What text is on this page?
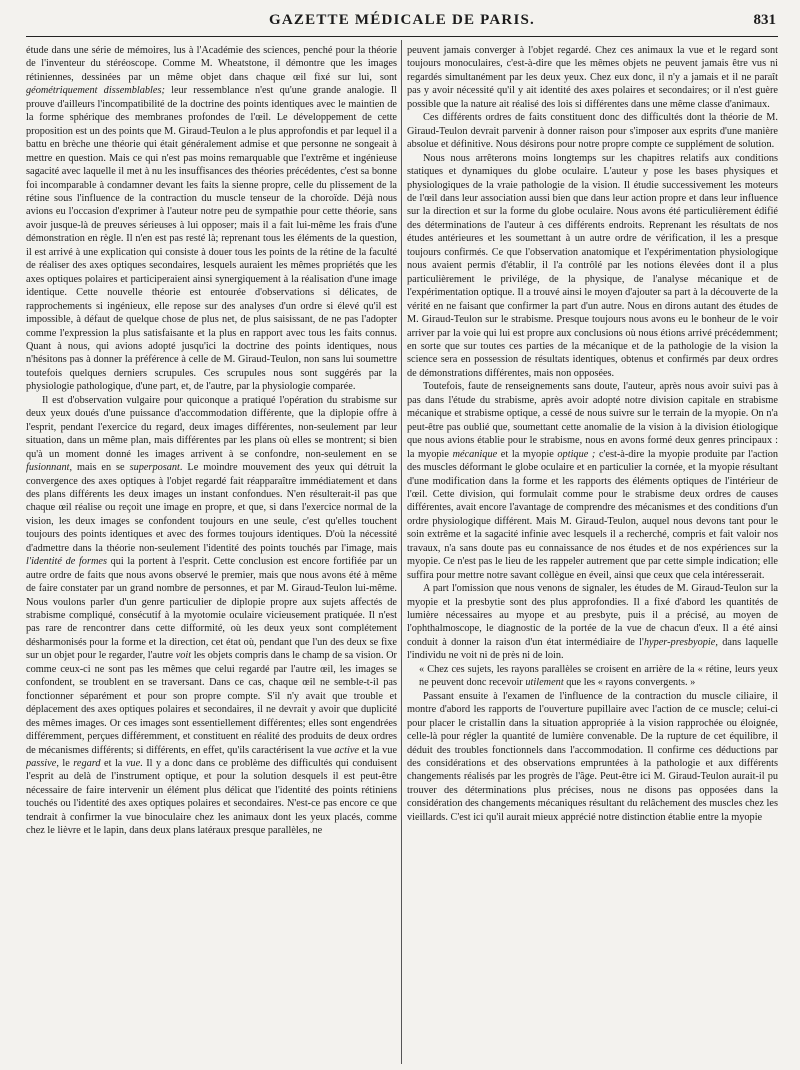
GAZETTE MÉDICALE DE PARIS.	831

étude dans une série de mémoires, lus à l'Académie des sciences, penché pour la théorie de l'inventeur du stéréoscope. Comme M. Wheatstone, il démontre que les images rétiniennes, dessinées par un même objet dans chaque œil fixé sur lui, sont géométriquement dissemblables; leur ressemblance n'est qu'une grande analogie. Il prouve d'ailleurs l'incompatibilité de la doctrine des points identiques avec le maintien de la forme sphérique des membranes profondes de l'œil. Le développement de cette proposition est un des points que M. Giraud-Teulon a le plus approfondis et par lequel il a battu en brèche une théorie qui était généralement admise et que personne ne songeait à mettre en question. Mais ce qui n'est pas moins remarquable que l'extrême et ingénieuse sagacité avec laquelle il met à nu les insuffisances des théories précédentes, c'est sa bonne foi incomparable à condamner devant les faits la sienne propre, celle du plissement de la rétine sous l'influence de la contraction du muscle tenseur de la choroïde. Déjà nous avions eu l'occasion d'exprimer à l'auteur notre peu de sympathie pour cette théorie, sans avoir jusque-là de preuves sérieuses à lui opposer; mais il a fait lui-même les frais d'une démonstration en règle. Il n'en est pas resté là; reprenant tous les éléments de la question, il est arrivé à une explication qui consiste à douer tous les points de la rétine de la faculté de réaliser des axes optiques secondaires, lesquels auraient les mêmes propriétés que les axes optiques polaires et participeraient ainsi synergiquement à la réalisation d'une image identique. Cette nouvelle théorie est entourée d'observations si délicates, de rapprochements si ingénieux, elle repose sur des analyses d'un ordre si élevé qu'il est impossible, à défaut de quelque chose de plus net, de plus saisissant, de ne pas l'adopter comme l'expression la plus satisfaisante et la plus en rapport avec tous les faits connus. Quant à nous, qui avions adopté jusqu'ici la doctrine des points identiques, nous n'hésitons pas à donner la préférence à celle de M. Giraud-Teulon, non sans lui soumettre toutefois quelques derniers scrupules. Ces scrupules nous sont suggérés par la physiologie pathologique, d'une part, et, de l'autre, par la physiologie comparée.

Il est d'observation vulgaire pour quiconque a pratiqué l'opération du strabisme sur deux yeux doués d'une puissance d'accommodation différente, que la diplopie offre à l'esprit, pendant l'exercice du regard, deux images différentes, non-seulement par leur situation, dans un même plan, mais différentes par les plans où elles se montrent; si bien qu'à un moment donné les images arrivent à se confondre, non-seulement en se fusionnant, mais en se superposant. Le moindre mouvement des yeux qui détruit la convergence des axes optiques à l'objet regardé fait réapparaître immédiatement et dans des plans différents les deux images un instant confondues. N'en résulterait-il pas que chaque œil réalise ou reçoit une image en propre, et que, si dans l'exercice normal de la vision, les deux images se confondent toujours en une seule, c'est qu'elles touchent toujours des points identiques et avec des formes toujours identiques. D'où la nécessité d'admettre dans la théorie non-seulement l'identité des points touchés par l'image, mais l'identité de formes qui la portent à l'esprit. Cette conclusion est encore fortifiée par un autre ordre de faits que nous avons observé le premier, mais que nous avons été à même de faire constater par un grand nombre de personnes, et par M. Giraud-Teulon lui-même. Nous voulons parler d'un genre particulier de diplopie propre aux sujets affectés de strabisme compliqué, consécutif à la myotomie oculaire vicieusement pratiquée. Il n'est pas rare de rencontrer dans cette difformité, où les deux yeux sont complétement désharmonisés pour la forme et la direction, cet état où, pendant que l'un des deux se fixe sur un objet pour le regarder, l'autre voit les objets compris dans le champ de sa vision. Or comme ceux-ci ne sont pas les mêmes que celui regardé par l'autre œil, les images se confondent, se troublent en se traversant. Dans ce cas, chaque œil ne semble-t-il pas fonctionner séparément et pour son propre compte. S'il n'y avait que trouble et déplacement des axes optiques polaires et secondaires, il ne devrait y avoir que duplicité des mêmes images. Or ces images sont essentiellement différentes; elles sont engendrées différemment, perçues différemment, et constituent en réalité des produits de deux ordres de mécanismes différents; si différents, en effet, qu'ils caractérisent la vue active et la vue passive, le regard et la vue. Il y a donc dans ce problème des difficultés qui conduisent l'esprit au delà de l'instrument optique, et pour la solution desquels il est peut-être nécessaire de faire intervenir un élément plus délicat que l'identité des points rétiniens touchés ou l'identité des axes optiques polaires et secondaires. N'est-ce pas encore ce que tendrait à confirmer la vue binoculaire chez les animaux dont les yeux placés, comme chez le lièvre et le lapin, dans deux plans latéraux presque parallèles, ne

peuvent jamais converger à l'objet regardé. Chez ces animaux la vue et le regard sont toujours monoculaires, c'est-à-dire que les mêmes objets ne peuvent jamais être vus ni regardés simultanément par les deux yeux. Chez eux donc, il n'y a jamais et il ne paraît pas y avoir nécessité qu'il y ait identité des axes polaires et secondaires; or il n'est guère possible que la nature ait réalisé des lois si différentes dans une même classe d'animaux.

Ces différents ordres de faits constituent donc des difficultés dont la théorie de M. Giraud-Teulon devrait parvenir à donner raison pour s'imposer aux esprits d'une manière absolue et définitive. Nous désirons pour notre propre compte ce supplément de solution.

Nous nous arrêterons moins longtemps sur les chapitres relatifs aux conditions statiques et dynamiques du globe oculaire. L'auteur y pose les bases physiques et physiologiques de la vraie pathologie de la vision. Il étudie successivement les moteurs de l'œil dans leur association aussi bien que dans leur action propre et dans leur influence sur la direction et sur la forme du globe oculaire. Nous avons été particulièrement édifié des déterminations de l'auteur à ces différents endroits. Reprenant les résultats de nos études antérieures et les soumettant à un autre ordre de vérification, il les a presque toujours confirmés. Ce que l'observation anatomique et l'expérimentation physiologique nous avaient permis d'établir, il l'a contrôlé par les notions élevées dont il a plus particulièrement le privilége, de la physique, de l'analyse mécanique et de l'expérimentation optique. Il a trouvé ainsi le moyen d'ajouter sa part à la découverte de la vérité en ne faisant que confirmer la part d'un autre. Nous en dirons autant des études de M. Giraud-Teulon sur le strabisme. Presque toujours nous avons eu le bonheur de le voir arriver par la voie qui lui est propre aux conclusions où nous étions arrivé précédemment; en sorte que sur toutes ces parties de la mécanique et de la pathologie de la vision la science sera en possession de résultats identiques, obtenus et confirmés par deux ordres de démonstrations différentes, mais non opposées.

Toutefois, faute de renseignements sans doute, l'auteur, après nous avoir suivi pas à pas dans l'étude du strabisme, après avoir adopté notre division capitale en strabisme mécanique et strabisme optique, a cessé de nous suivre sur le terrain de la myopie. On n'a peut-être pas oublié que, soumettant cette anomalie de la vision à la division étiologique que nous avions établie pour le strabisme, nous en avons formé deux genres principaux : la myopie mécanique et la myopie optique ; c'est-à-dire la myopie produite par l'action des muscles déformant le globe oculaire et en particulier la cornée, et la myopie résultant d'une modification dans la forme et les rapports des éléments optiques de l'intérieur de l'œil. Cette division, qui formulait comme pour le strabisme deux ordres de causes différentes, avait encore l'avantage de comprendre des mécanismes et des conditions d'un ordre physiologique différent. Mais M. Giraud-Teulon, auquel nous devons tant pour le soin extrême et la sagacité infinie avec lesquels il a recherché, compris et fait valoir nos travaux, n'a sans doute pas eu connaissance de nos études et de nos expériences sur la myopie. Ce n'est pas le lieu de les rappeler autrement que par cette simple indication; elle suffira pour mettre notre savant collègue en éveil, ainsi que ceux que cela intéresserait.

A part l'omission que nous venons de signaler, les études de M. Giraud-Teulon sur la myopie et la presbytie sont des plus approfondies. Il a fixé d'abord les quantités de lumière nécessaires au myope et au presbyte, puis il a précisé, au moyen de l'ophthalmoscope, le diagnostic de la portée de la vue de chacun d'eux. Il a été ainsi conduit à donner la raison d'un état intermédiaire de l'hyper-presbyopie, dans laquelle l'individu ne voit ni de près ni de loin.

« Chez ces sujets, les rayons parallèles se croisent en arrière de la « rétine, leurs yeux ne peuvent donc recevoir utilement que les « rayons convergents. »

Passant ensuite à l'examen de l'influence de la contraction du muscle ciliaire, il montre d'abord les rapports de l'ouverture pupillaire avec l'action de ce muscle; celui-ci pour placer le cristallin dans la situation appropriée à la vision rapprochée ou éloignée, celle-là pour régler la quantité de lumière convenable. De la rupture de cet équilibre, il déduit des troubles fonctionnels dans l'accommodation. Il confirme ces déductions par des considérations et des observations empruntées à la pathologie et aux différents changements réalisés par les progrès de l'âge. Peut-être ici M. Giraud-Teulon aurait-il pu trouver des déterminations plus précises, nous ne disons pas opposées dans la considération des changements mécaniques résultant du relâchement des muscles chez les vieillards. C'est ici qu'il aurait mieux apprécié notre distinction établie entre la myopie
